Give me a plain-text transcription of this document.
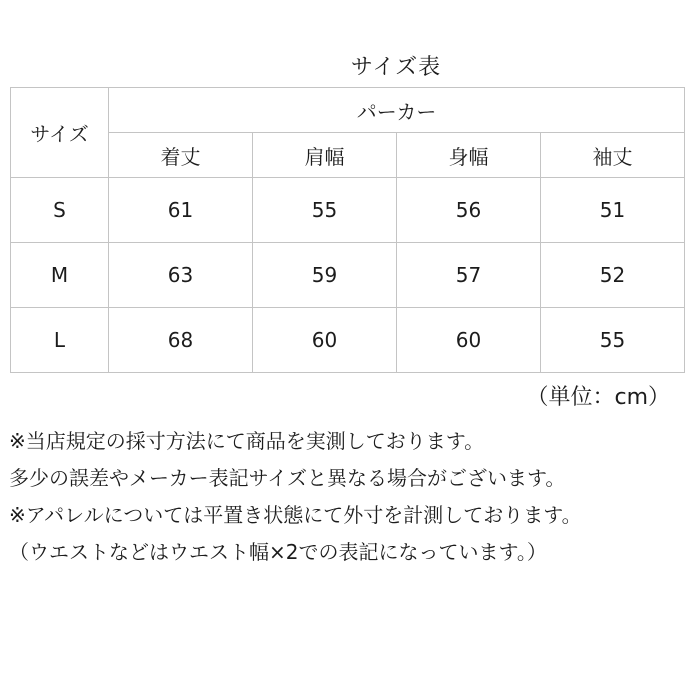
サイズ表
サイズ	パーカー			
	着丈	肩幅	身幅	袖丈
S	61	55	56	51
M	63	59	57	52
L	68	60	60	55
（単位：cm）

※当店規定の採寸方法にて商品を実測しております。

多少の誤差やメーカー表記サイズと異なる場合がございます。

※アパレルについては平置き状態にて外寸を計測しております。

（ウエストなどはウエスト幅×2での表記になっています。）
